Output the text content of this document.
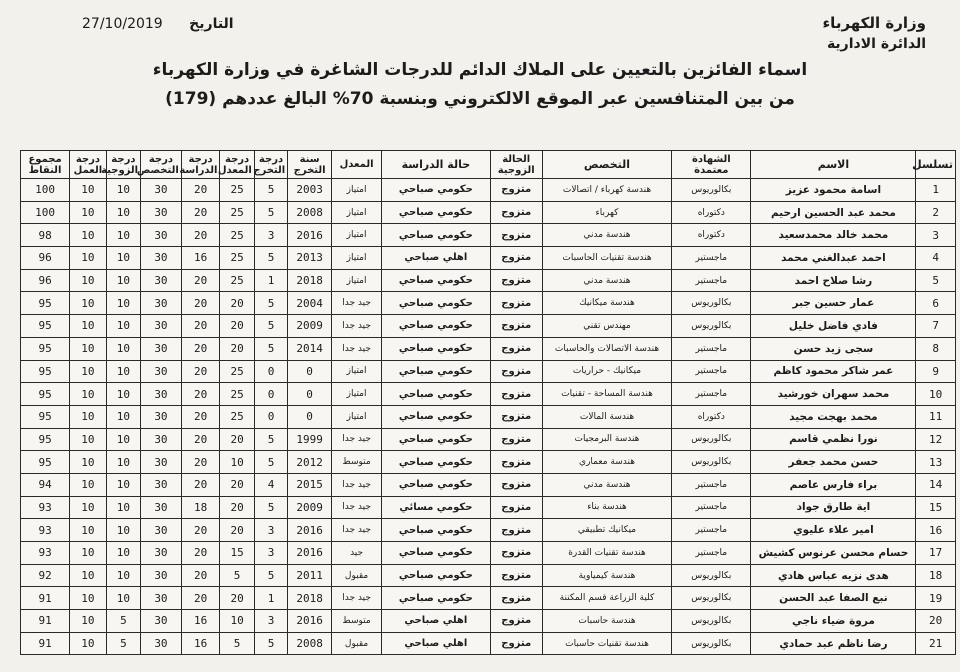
وزارة الكهرباء
الدائرة الادارية
27/10/2019 التاريخ
اسماء الفائزين بالتعيين على الملاك الدائم للدرجات الشاغرة في وزارة الكهرباء
من بين المتنافسين عبر الموقع الالكتروني وبنسبة 70% البالغ عددهم (179)
تسلسل	الاسم	الشهادة معتمدة	التخصص	الحالة الزوجية	حالة الدراسة	المعدل	سنة التخرج	درجة التخرج	درجة المعدل	درجة الدراسة	درجة التخصص	درجة الزوجية	درجة العمل	مجموع النقاط
1	اسامة محمود عزيز	بكالوريوس	هندسة كهرباء / اتصالات	متزوج	حكومي صباحي	امتياز	2003	5	25	20	30	10	10	100
2	محمد عبد الحسين ارحيم	دكتوراه	كهرباء	متزوج	حكومي صباحي	امتياز	2008	5	25	20	30	10	10	100
3	محمد خالد محمدسعيد	دكتوراه	هندسة مدني	متزوج	حكومي صباحي	امتياز	2016	3	25	20	30	10	10	98
4	احمد عبدالغني محمد	ماجستير	هندسة تقنيات الحاسبات	متزوج	اهلي صباحي	امتياز	2013	5	25	16	30	10	10	96
5	رشا صلاح احمد	ماجستير	هندسة مدني	متزوج	حكومي صباحي	امتياز	2018	1	25	20	30	10	10	96
6	عمار حسين جبر	بكالوريوس	هندسة ميكانيك	متزوج	حكومي صباحي	جيد جدا	2004	5	20	20	30	10	10	95
7	فادي فاضل خليل	بكالوريوس	مهندس تقني	متزوج	حكومي صباحي	جيد جدا	2009	5	20	20	30	10	10	95
8	سجى زيد حسن	ماجستير	هندسة الاتصالات والحاسبات	متزوج	حكومي صباحي	جيد جدا	2014	5	20	20	30	10	10	95
9	عمر شاكر محمود كاظم	ماجستير	ميكانيك - حراريات	متزوج	حكومي صباحي	امتياز	0	0	25	20	30	10	10	95
10	محمد سهران خورشيد	ماجستير	هندسة المساحة - تقنيات	متزوج	حكومي صباحي	امتياز	0	0	25	20	30	10	10	95
11	محمد بهجت مجيد	دكتوراه	هندسة المالات	متزوج	حكومي صباحي	امتياز	0	0	25	20	30	10	10	95
12	نورا نظمي قاسم	بكالوريوس	هندسة البرمجيات	متزوج	حكومي صباحي	جيد جدا	1999	5	20	20	30	10	10	95
13	حسن محمد جعفر	بكالوريوس	هندسة معماري	متزوج	حكومي صباحي	متوسط	2012	5	10	20	30	10	10	95
14	براء فارس عاصم	ماجستير	هندسة مدني	متزوج	حكومي صباحي	جيد جدا	2015	4	20	20	30	10	10	94
15	اية طارق جواد	ماجستير	هندسة بناء	متزوج	حكومي مسائي	جيد جدا	2009	5	20	18	30	10	10	93
16	امير علاء عليوي	ماجستير	ميكانيك تطبيقي	متزوج	حكومي صباحي	جيد جدا	2016	3	20	20	30	10	10	93
17	حسام محسن عرنوس كشيش	ماجستير	هندسة تقنيات القدرة	متزوج	حكومي صباحي	جيد	2016	3	15	20	30	10	10	93
18	هدى نزيه عباس هادي	بكالوريوس	هندسة كيمياوية	متزوج	حكومي صباحي	مقبول	2011	5	5	20	30	10	10	92
19	نبع الصفا عبد الحسن	بكالوريوس	كلية الزراعة قسم المكننة	متزوج	حكومي صباحي	جيد جدا	2018	1	20	20	30	10	10	91
20	مروة ضياء ناجي	بكالوريوس	هندسة حاسبات	متزوج	اهلي صباحي	متوسط	2016	3	10	16	30	5	10	91
21	رضا ناظم عبد حمادي	بكالوريوس	هندسة تقنيات حاسبات	متزوج	اهلي صباحي	مقبول	2008	5	5	16	30	5	10	91
